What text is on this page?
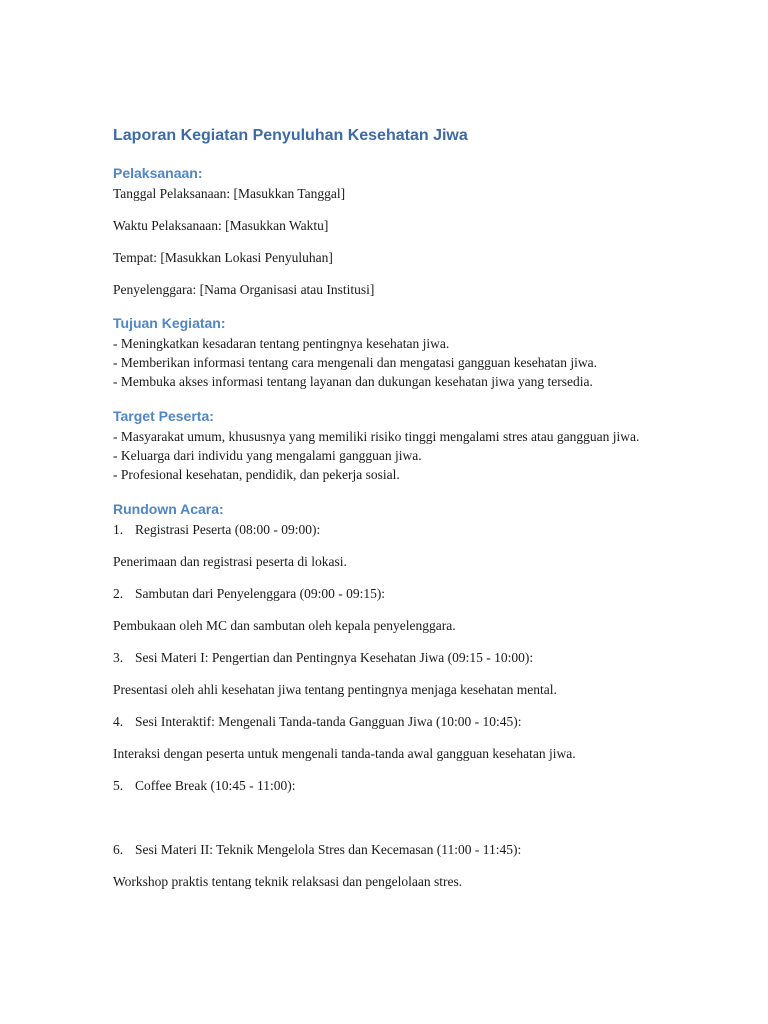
Laporan Kegiatan Penyuluhan Kesehatan Jiwa
Pelaksanaan:
Tanggal Pelaksanaan: [Masukkan Tanggal]
Waktu Pelaksanaan: [Masukkan Waktu]
Tempat: [Masukkan Lokasi Penyuluhan]
Penyelenggara: [Nama Organisasi atau Institusi]
Tujuan Kegiatan:
- Meningkatkan kesadaran tentang pentingnya kesehatan jiwa.
- Memberikan informasi tentang cara mengenali dan mengatasi gangguan kesehatan jiwa.
- Membuka akses informasi tentang layanan dan dukungan kesehatan jiwa yang tersedia.
Target Peserta:
- Masyarakat umum, khususnya yang memiliki risiko tinggi mengalami stres atau gangguan jiwa.
- Keluarga dari individu yang mengalami gangguan jiwa.
- Profesional kesehatan, pendidik, dan pekerja sosial.
Rundown Acara:
1. Registrasi Peserta (08:00 - 09:00):
Penerimaan dan registrasi peserta di lokasi.
2. Sambutan dari Penyelenggara (09:00 - 09:15):
Pembukaan oleh MC dan sambutan oleh kepala penyelenggara.
3. Sesi Materi I: Pengertian dan Pentingnya Kesehatan Jiwa (09:15 - 10:00):
Presentasi oleh ahli kesehatan jiwa tentang pentingnya menjaga kesehatan mental.
4. Sesi Interaktif: Mengenali Tanda-tanda Gangguan Jiwa (10:00 - 10:45):
Interaksi dengan peserta untuk mengenali tanda-tanda awal gangguan kesehatan jiwa.
5. Coffee Break (10:45 - 11:00):
6. Sesi Materi II: Teknik Mengelola Stres dan Kecemasan (11:00 - 11:45):
Workshop praktis tentang teknik relaksasi dan pengelolaan stres.
